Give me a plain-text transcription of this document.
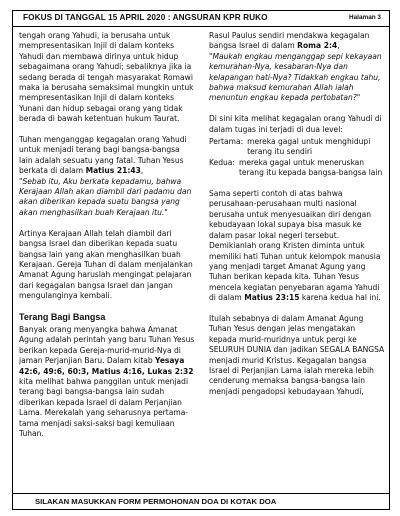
FOKUS DI TANGGAL 15 APRIL 2020 : ANGSURAN KPR RUKO	Halaman 3

tengah orang Yahudi, ia berusaha untuk mempresentasikan Injil di dalam konteks Yahudi dan membawa dirinya untuk hidup sebagaimana orang Yahudi; sebaliknya jika ia sedang berada di tengah masyarakat Romawi maka ia berusaha semaksimal mungkin untuk mempresentasikan Injil di dalam konteks Yunani dan hidup sebagai orang yang tidak berada di bawah ketentuan hukum Taurat.

Tuhan menganggap kegagalan orang Yahudi untuk menjadi terang bagi bangsa-bangsa lain adalah sesuatu yang fatal. Tuhan Yesus berkata di dalam Matius 21:43,

"Sebab itu, Aku berkata kepadamu, bahwa Kerajaan Allah akan diambil dari padamu dan akan diberikan kepada suatu bangsa yang akan menghasilkan buah Kerajaan itu."

Artinya Kerajaan Allah telah diambil dari bangsa Israel dan diberikan kepada suatu bangsa lain yang akan menghasilkan buah Kerajaan. Gereja Tuhan di dalam menjalankan Amanat Agung haruslah mengingat pelajaran dari kegagalan bangsa Israel dan jangan mengulanginya kembali.

Terang Bagi Bangsa

Banyak orang menyangka bahwa Amanat Agung adalah perintah yang baru Tuhan Yesus berikan kepada Gereja-murid-murid-Nya di jaman Perjanjian Baru. Dalam kitab Yesaya 42:6, 49:6, 60:3, Matius 4:16, Lukas 2:32 kita melihat bahwa panggilan untuk menjadi terang bagi bangsa-bangsa lain sudah diberikan kepada Israel di dalam Perjanjian Lama. Merekalah yang seharusnya pertama-tama menjadi saksi-saksi bagi kemuliaan Tuhan.

Rasul Paulus sendiri mendakwa kegagalan bangsa Israel di dalam Roma 2:4,

"Maukah engkau menganggap sepi kekayaan kemurahan-Nya, kesabaran-Nya dan kelapangan hati-Nya? Tidakkah engkau tahu, bahwa maksud kemurahan Allah ialah menuntun engkau kepada pertobatan?"

Di sini kita melihat kegagalan orang Yahudi di dalam tugas ini terjadi di dua level:

Pertama: mereka gagal untuk menghidupi terang itu sendiri
Kedua: mereka gagal untuk meneruskan terang itu kepada bangsa-bangsa lain

Sama seperti contoh di atas bahwa perusahaan-perusahaan multi nasional berusaha untuk menyesuaikan diri dengan kebudayaan lokal supaya bisa masuk ke dalam pasar lokal negeri tersebut. Demikianlah orang Kristen diminta untuk memiliki hati Tuhan untuk kelompok manusia yang menjadi target Amanat Agung yang Tuhan berikan kepada kita. Tuhan Yesus mencela kegiatan penyebaran agama Yahudi di dalam Matius 23:15 karena kedua hal ini.

Itulah sebabnya di dalam Amanat Agung Tuhan Yesus dengan jelas mengatakan kepada murid-muridnya untuk pergi ke SELURUH DUNIA dan jadikan SEGALA BANGSA menjadi murid Kristus. Kegagalan bangsa Israel di Perjanjian Lama ialah mereka lebih cenderung memaksa bangsa-bangsa lain menjadi pengadopsi kebudayaan Yahudi,

SILAKAN MASUKKAN FORM PERMOHONAN DOA DI KOTAK DOA
